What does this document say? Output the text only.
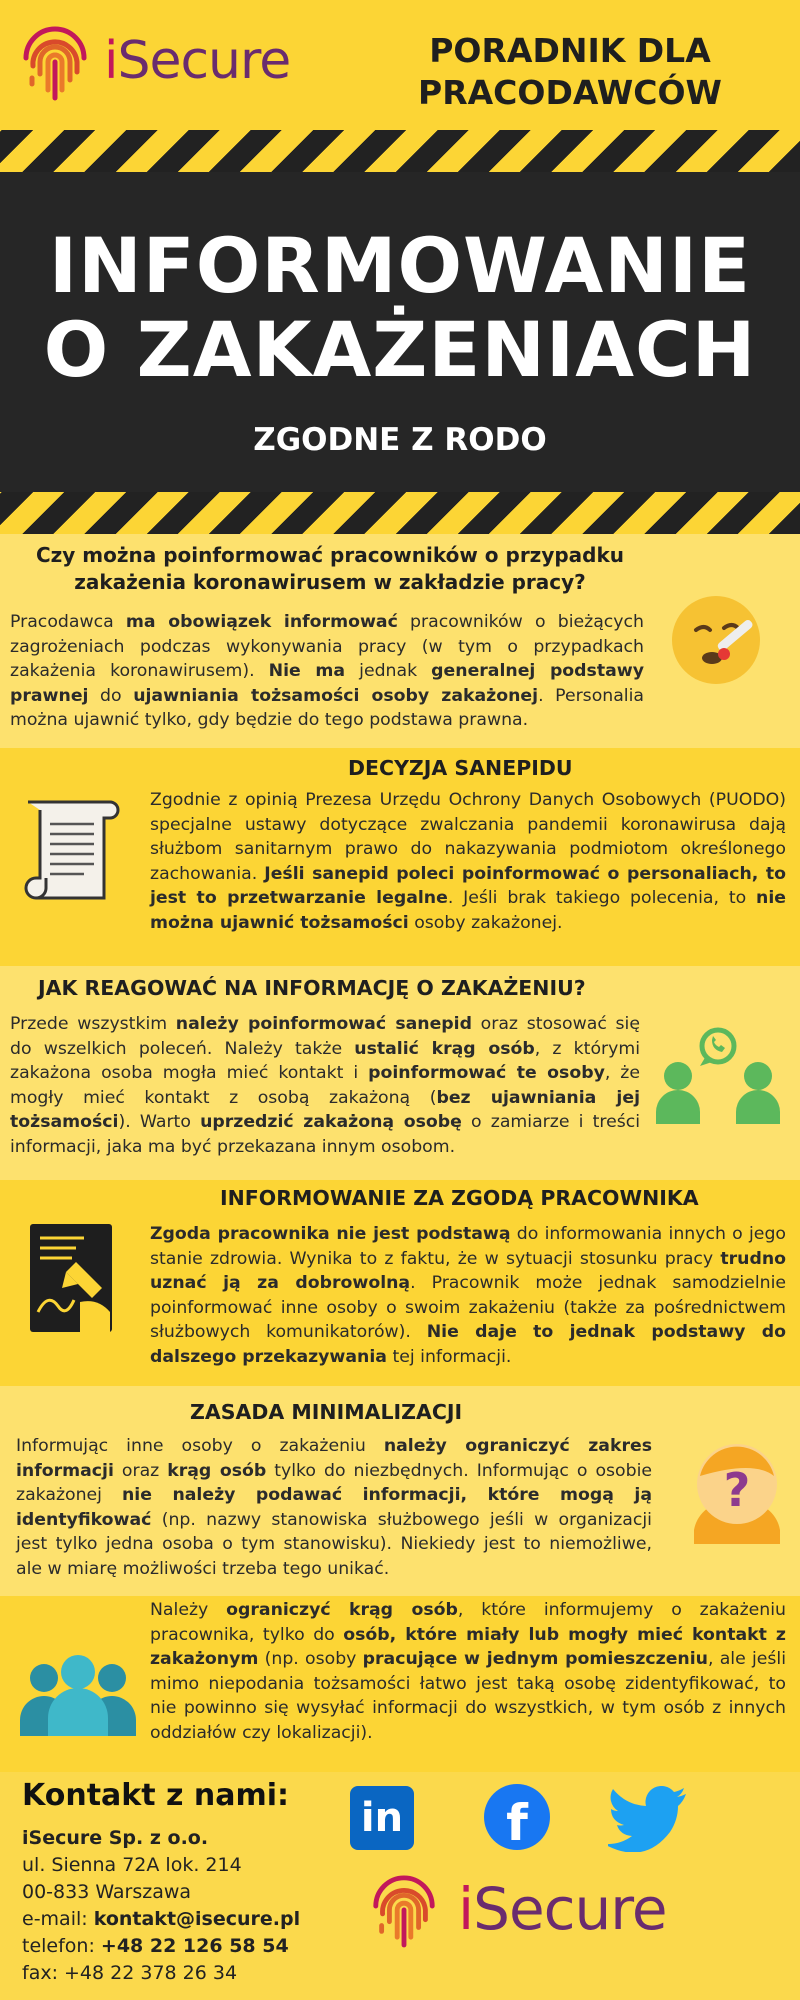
iSecure	PORADNIK DLA
PRACODAWCÓW
INFORMOWANIE
O ZAKAŻENIACH
ZGODNE Z RODO
Czy można poinformować pracowników o przypadku
zakażenia koronawirusem w zakładzie pracy?
Pracodawca ma obowiązek informować pracowników o bieżących zagrożeniach podczas wykonywania pracy (w tym o przypadkach zakażenia koronawirusem). Nie ma jednak generalnej podstawy prawnej do ujawniania tożsamości osoby zakażonej. Personalia można ujawnić tylko, gdy będzie do tego podstawa prawna.
DECYZJA SANEPIDU
Zgodnie z opinią Prezesa Urzędu Ochrony Danych Osobowych (PUODO) specjalne ustawy dotyczące zwalczania pandemii koronawirusa dają służbom sanitarnym prawo do nakazywania podmiotom określonego zachowania. Jeśli sanepid poleci poinformować o personaliach, to jest to przetwarzanie legalne. Jeśli brak takiego polecenia, to nie można ujawnić tożsamości osoby zakażonej.
JAK REAGOWAĆ NA INFORMACJĘ O ZAKAŻENIU?
Przede wszystkim należy poinformować sanepid oraz stosować się do wszelkich poleceń. Należy także ustalić krąg osób, z którymi zakażona osoba mogła mieć kontakt i poinformować te osoby, że mogły mieć kontakt z osobą zakażoną (bez ujawniania jej tożsamości). Warto uprzedzić zakażoną osobę o zamiarze i treści informacji, jaka ma być przekazana innym osobom.
INFORMOWANIE ZA ZGODĄ PRACOWNIKA
Zgoda pracownika nie jest podstawą do informowania innych o jego stanie zdrowia. Wynika to z faktu, że w sytuacji stosunku pracy trudno uznać ją za dobrowolną. Pracownik może jednak samodzielnie poinformować inne osoby o swoim zakażeniu (także za pośrednictwem służbowych komunikatorów). Nie daje to jednak podstawy do dalszego przekazywania tej informacji.
ZASADA MINIMALIZACJI
Informując inne osoby o zakażeniu należy ograniczyć zakres informacji oraz krąg osób tylko do niezbędnych. Informując o osobie zakażonej nie należy podawać informacji, które mogą ją identyfikować (np. nazwy stanowiska służbowego jeśli w organizacji jest tylko jedna osoba o tym stanowisku). Niekiedy jest to niemożliwe, ale w miarę możliwości trzeba tego unikać.
?
Należy ograniczyć krąg osób, które informujemy o zakażeniu pracownika, tylko do osób, które miały lub mogły mieć kontakt z zakażonym (np. osoby pracujące w jednym pomieszczeniu, ale jeśli mimo niepodania tożsamości łatwo jest taką osobę zidentyfikować, to nie powinno się wysyłać informacji do wszystkich, w tym osób z innych oddziałów czy lokalizacji).
Kontakt z nami:
iSecure Sp. z o.o.
ul. Sienna 72A lok. 214
00-833 Warszawa
e-mail: kontakt@isecure.pl
telefon: +48 22 126 58 54
fax: +48 22 378 26 34
in	f
iSecure
